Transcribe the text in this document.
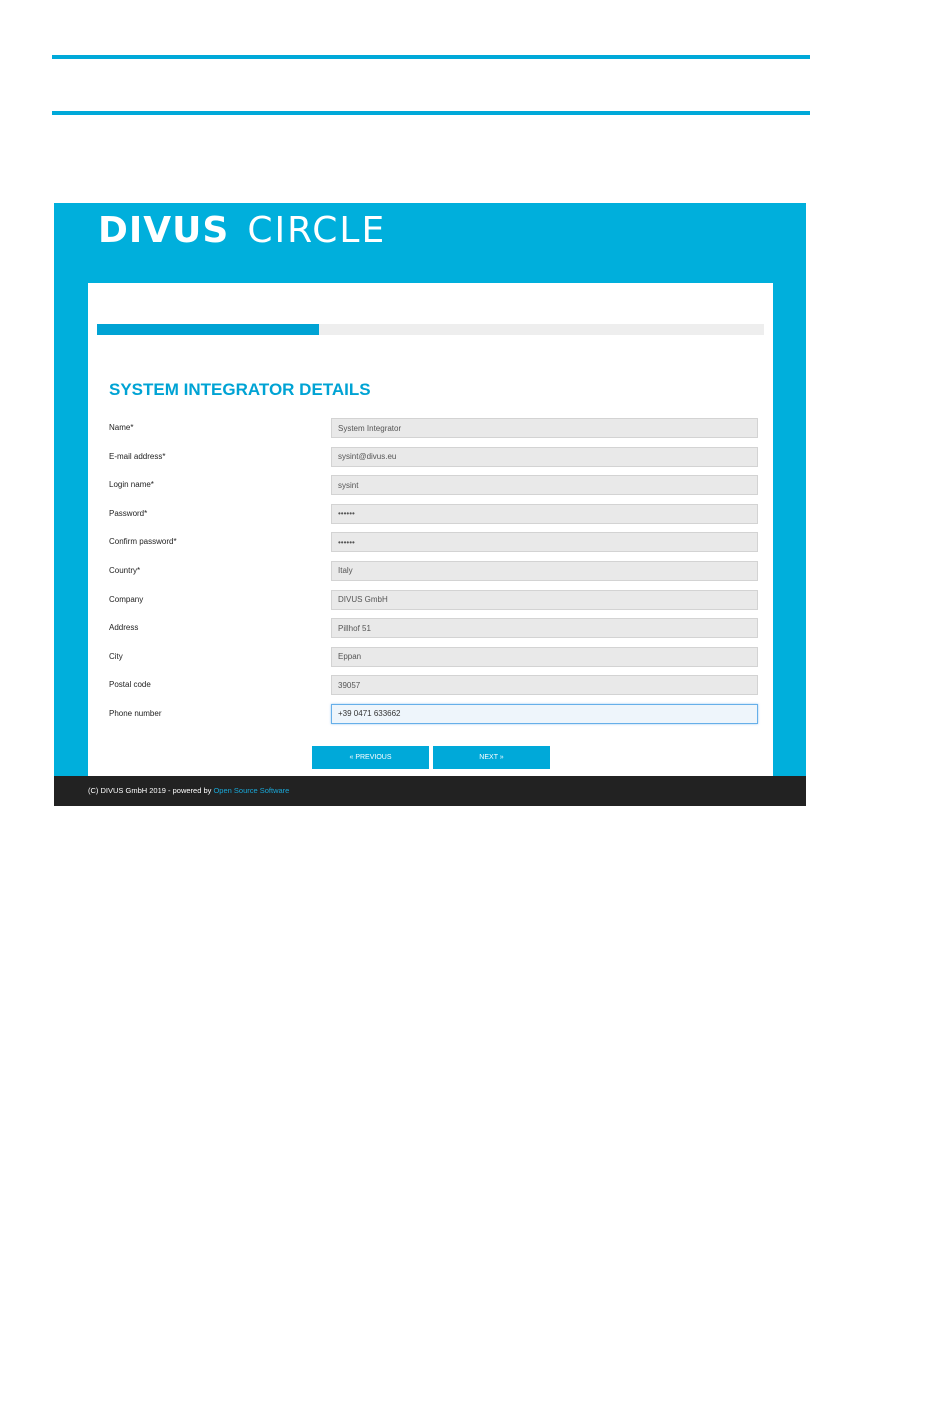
DIVUS CIRCLE
SYSTEM INTEGRATOR DETAILS
Name*
System Integrator
E-mail address*
sysint@divus.eu
Login name*
sysint
Password*
••••••
Confirm password*
••••••
Country*
Italy
Company
DIVUS GmbH
Address
Pillhof 51
City
Eppan
Postal code
39057
Phone number
+39 0471 633662
« PREVIOUS	NEXT »
(C) DIVUS GmbH 2019 - powered by Open Source Software
